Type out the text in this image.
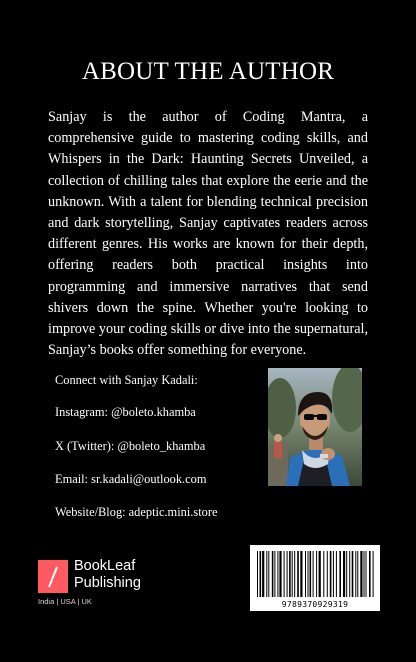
ABOUT THE AUTHOR

Sanjay is the author of Coding Mantra, a comprehensive guide to mastering coding skills, and Whispers in the Dark: Haunting Secrets Unveiled, a collection of chilling tales that explore the eerie and the unknown. With a talent for blending technical precision and dark storytelling, Sanjay captivates readers across different genres. His works are known for their depth, offering readers both practical insights into programming and immersive narratives that send shivers down the spine. Whether you're looking to improve your coding skills or dive into the supernatural, Sanjay’s books offer something for everyone.

Connect with Sanjay Kadali:

Instagram: @boleto.khamba

X (Twitter): @boleto_khamba

Email: sr.kadali@outlook.com

Website/Blog: adeptic.mini.store

BookLeaf
Publishing
India | USA | UK	9789370929319
